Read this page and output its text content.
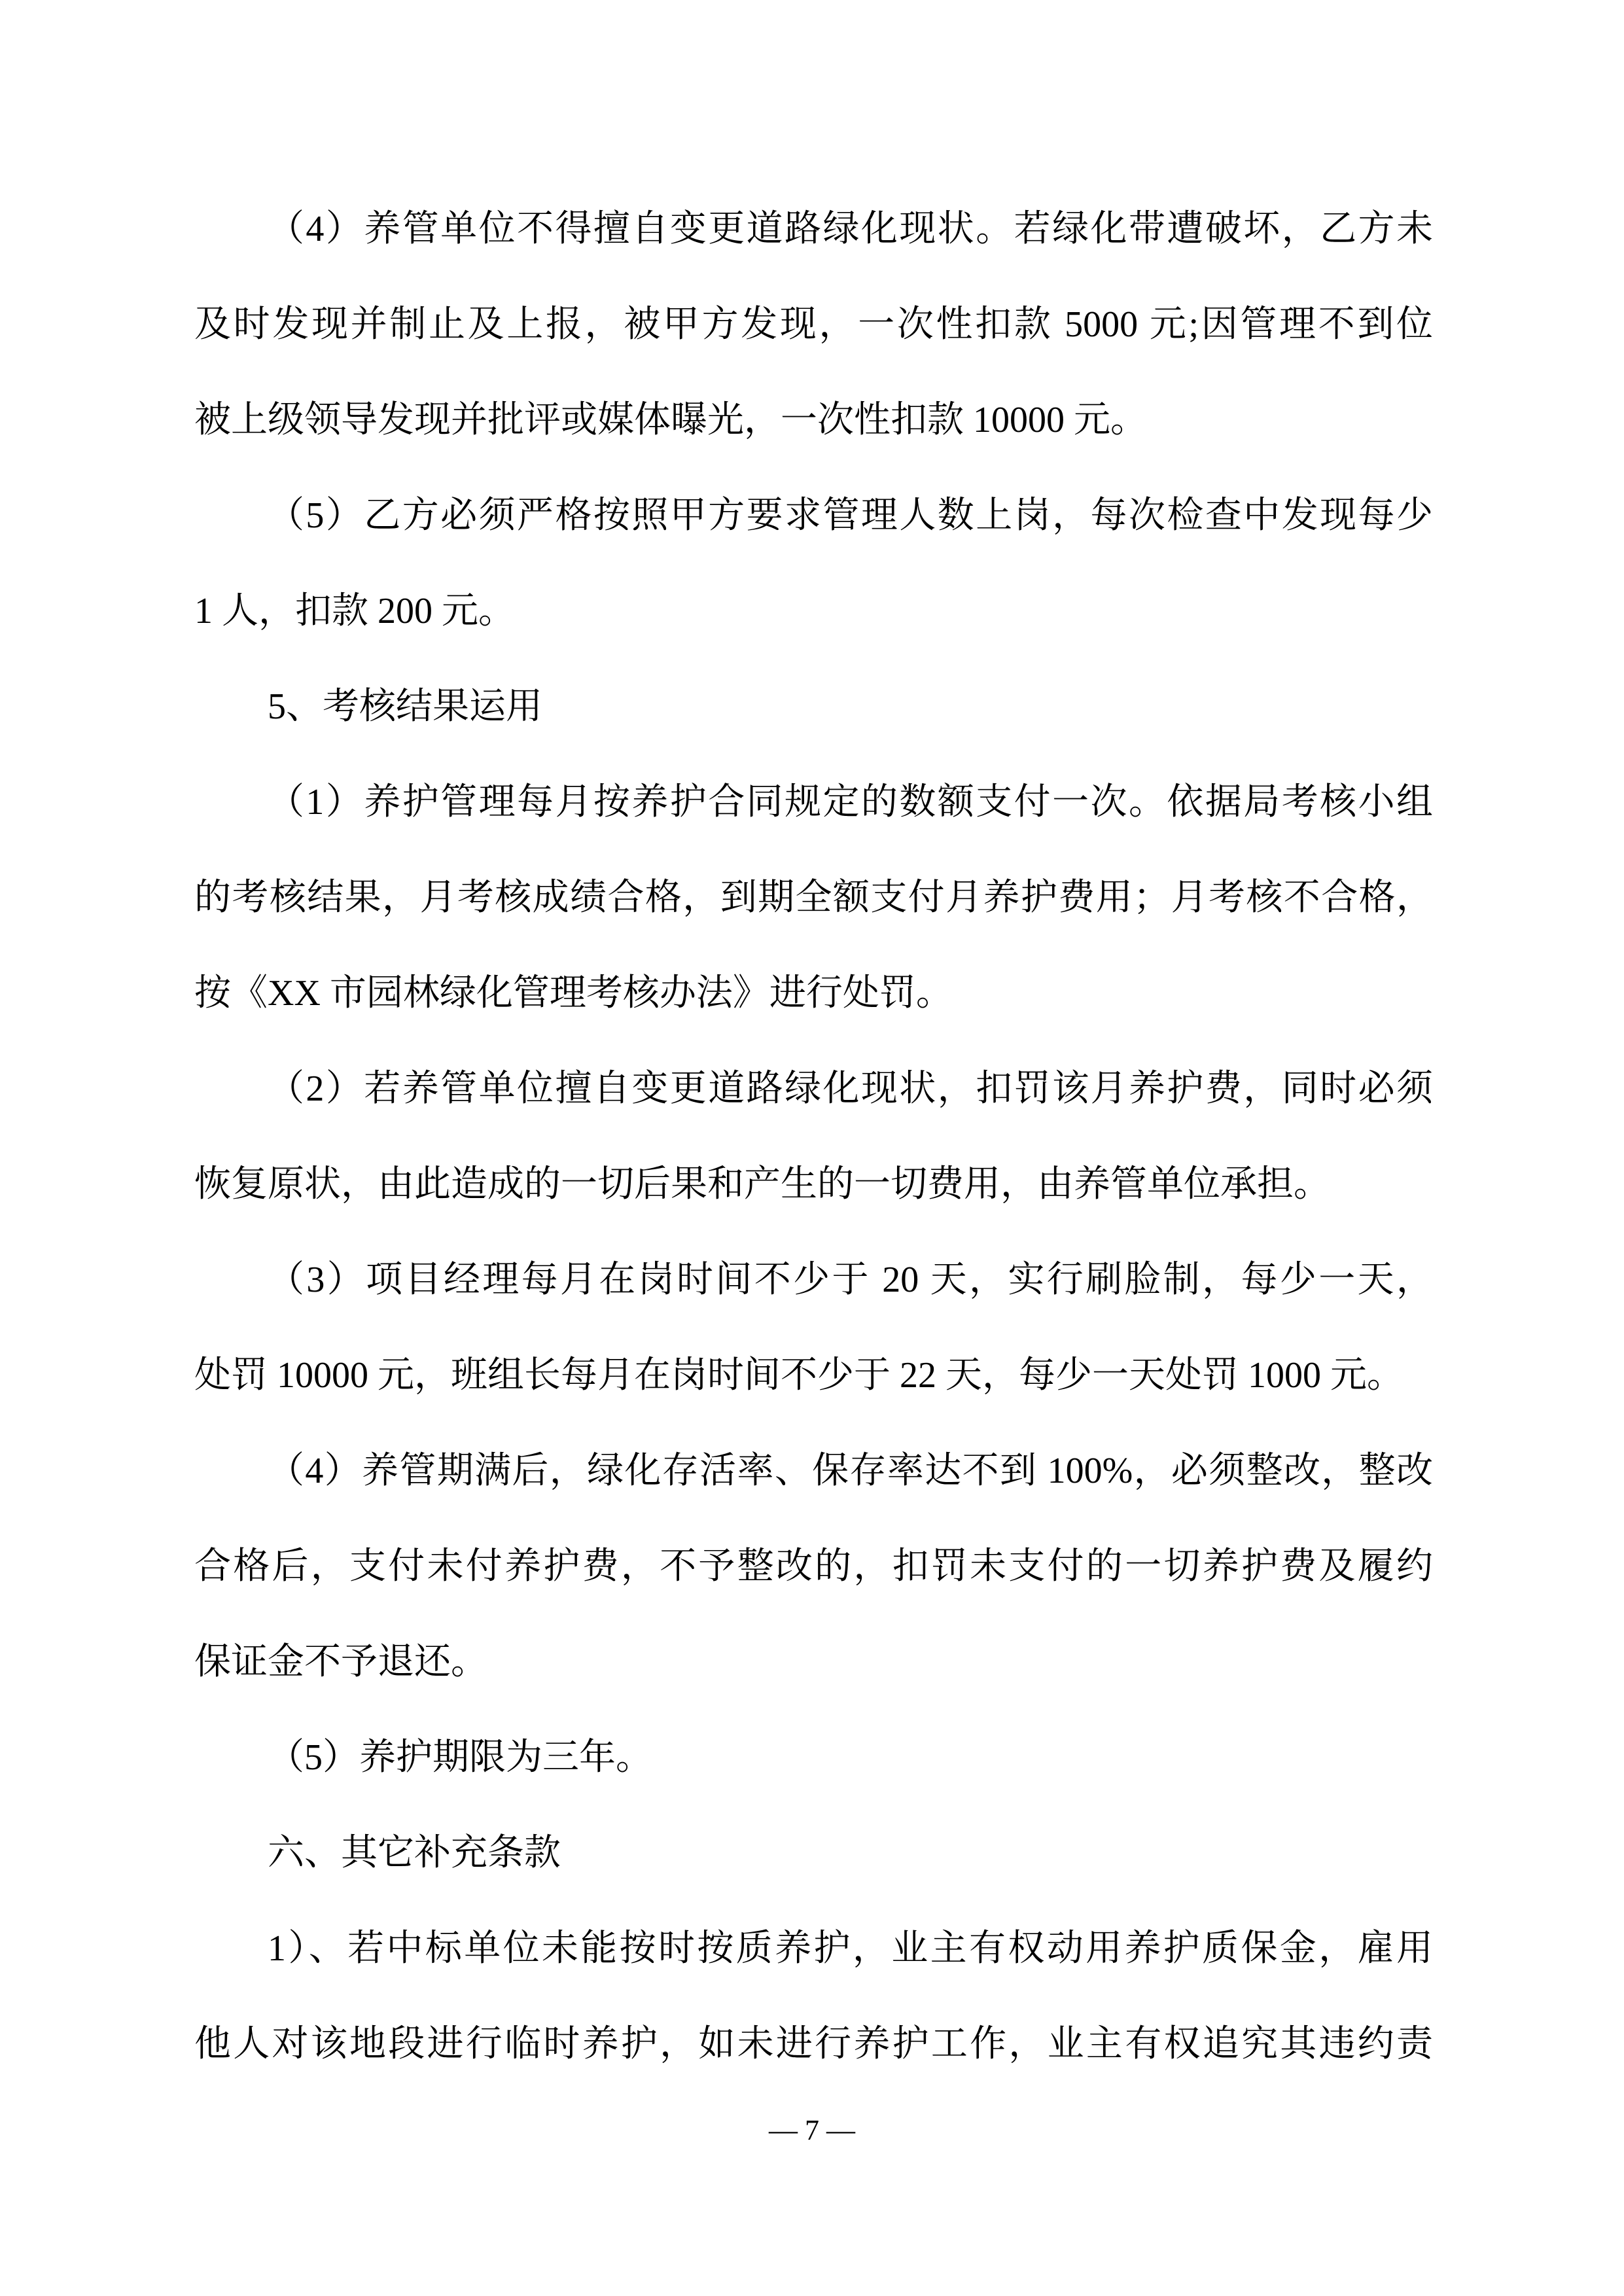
（4）养管单位不得擅自变更道路绿化现状。若绿化带遭破坏，乙方未
及时发现并制止及上报，被甲方发现，一次性扣款 5000 元;因管理不到位
被上级领导发现并批评或媒体曝光，一次性扣款 10000 元。
（5）乙方必须严格按照甲方要求管理人数上岗，每次检查中发现每少
1 人，扣款 200 元。
5、考核结果运用
（1）养护管理每月按养护合同规定的数额支付一次。依据局考核小组
的考核结果，月考核成绩合格，到期全额支付月养护费用；月考核不合格，
按《XX 市园林绿化管理考核办法》进行处罚。
（2）若养管单位擅自变更道路绿化现状，扣罚该月养护费，同时必须
恢复原状，由此造成的一切后果和产生的一切费用，由养管单位承担。
（3）项目经理每月在岗时间不少于 20 天，实行刷脸制，每少一天，
处罚 10000 元，班组长每月在岗时间不少于 22 天，每少一天处罚 1000 元。
（4）养管期满后，绿化存活率、保存率达不到 100%，必须整改，整改
合格后，支付未付养护费，不予整改的，扣罚未支付的一切养护费及履约
保证金不予退还。
（5）养护期限为三年。
六、其它补充条款
1）、若中标单位未能按时按质养护，业主有权动用养护质保金，雇用
他人对该地段进行临时养护，如未进行养护工作，业主有权追究其违约责
— 7 —
